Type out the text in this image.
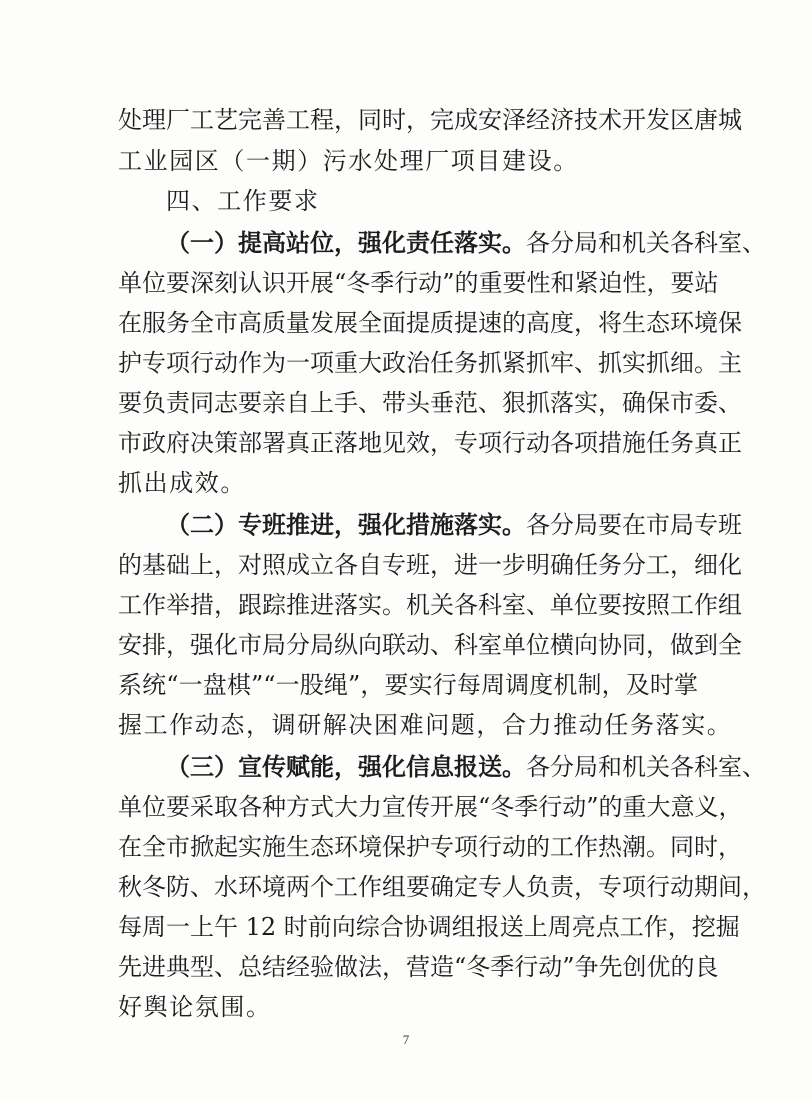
处理厂工艺完善工程，同时，完成安泽经济技术开发区唐城
工业园区（一期）污水处理厂项目建设。
四、工作要求
（一）提高站位，强化责任落实。各分局和机关各科室、
单位要深刻认识开展“冬季行动”的重要性和紧迫性，要站
在服务全市高质量发展全面提质提速的高度，将生态环境保
护专项行动作为一项重大政治任务抓紧抓牢、抓实抓细。主
要负责同志要亲自上手、带头垂范、狠抓落实，确保市委、
市政府决策部署真正落地见效，专项行动各项措施任务真正
抓出成效。
（二）专班推进，强化措施落实。各分局要在市局专班
的基础上，对照成立各自专班，进一步明确任务分工，细化
工作举措，跟踪推进落实。机关各科室、单位要按照工作组
安排，强化市局分局纵向联动、科室单位横向协同，做到全
系统“一盘棋”“一股绳”，要实行每周调度机制，及时掌
握工作动态，调研解决困难问题，合力推动任务落实。
（三）宣传赋能，强化信息报送。各分局和机关各科室、
单位要采取各种方式大力宣传开展“冬季行动”的重大意义，
在全市掀起实施生态环境保护专项行动的工作热潮。同时，
秋冬防、水环境两个工作组要确定专人负责，专项行动期间，
每周一上午 12 时前向综合协调组报送上周亮点工作，挖掘
先进典型、总结经验做法，营造“冬季行动”争先创优的良
好舆论氛围。
7
